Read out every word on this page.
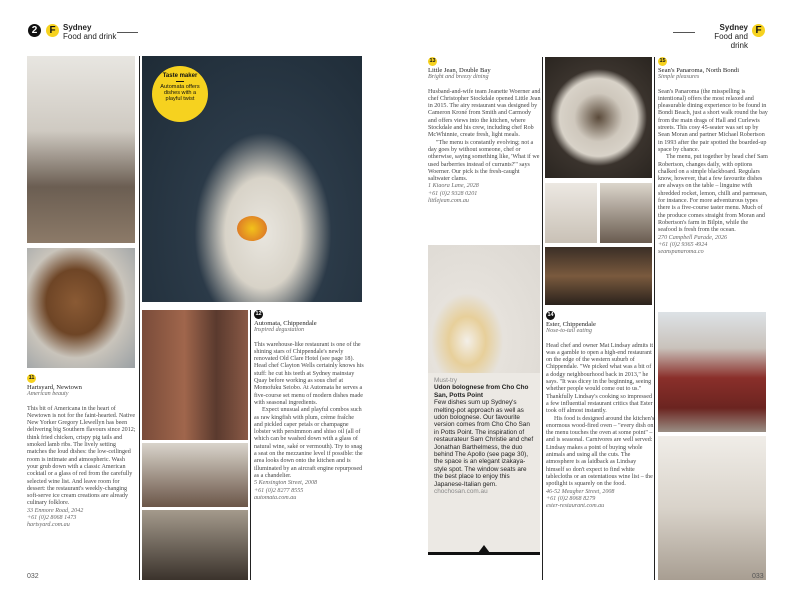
2	F Sydney
Food and drink
Sydney
Food and drink
F
Taste maker
Automata offers dishes with a playful twist
11
Hartsyard, Newtown
American beauty

This bit of Americana in the heart of Newtown is not for the faint-hearted. Native New Yorker Gregory Llewellyn has been delivering big Southern flavours since 2012; think fried chicken, crispy pig tails and smoked lamb ribs. The lively setting matches the loud dishes: the low-ceilinged room is intimate and atmospheric. Wash your grub down with a classic American cocktail or a glass of red from the carefully selected wine list. And leave room for dessert: the restaurant's weekly-changing soft-serve ice cream creations are already culinary folklore.

33 Enmore Road, 2042
+61 (0)2 8068 1473
hartsyard.com.au
12
Automata, Chippendale
Inspired degustation

This warehouse-like restaurant is one of the shining stars of Chippendale's newly renovated Old Clare Hotel (see page 18). Head chef Clayton Wells certainly knows his stuff: he cut his teeth at Sydney mainstay Quay before working as sous chef at Momofuku Seiobo. At Automata he serves a five-course set menu of modern dishes made with seasonal ingredients.

Expect unusual and playful combos such as raw kingfish with plum, crème fraîche and pickled caper petals or champagne lobster with persimmon and shiso oil (all of which can be washed down with a glass of natural wine, saké or vermouth). Try to snag a seat on the mezzanine level if possible: the area looks down onto the kitchen and is illuminated by an aircraft engine repurposed as a chandelier.

5 Kensington Street, 2008
+61 (0)2 8277 8555
automata.com.au
032
13
Little Jean, Double Bay
Bright and breezy dining

Husband-and-wife team Jeanette Woerner and chef Christopher Stockdale opened Little Jean in 2015. The airy restaurant was designed by Cameron Kroné from Smith and Carmody and offers views into the kitchen, where Stockdale and his crew, including chef Rob McWhinnie, create fresh, light meals.

"The menu is constantly evolving; not a day goes by without someone, chef or otherwise, saying something like, 'What if we used barberries instead of currants?'" says Woerner. Our pick is the fresh-caught saltwater clams.

1 Kiaora Lane, 2028
+61 (0)2 9328 0201
littlejean.com.au
Must-try
Udon bolognese from Cho Cho San, Potts Point
Few dishes sum up Sydney's melting-pot approach as well as udon bolognese. Our favourite version comes from Cho Cho San in Potts Point. The inspiration of restaurateur Sam Christie and chef Jonathan Barthelmess, the duo behind The Apollo (see page 30), the space is an elegant izakaya-style spot. The window seats are the best place to enjoy this Japanese-Italian gem.
chochosan.com.au
14
Ester, Chippendale
Nose-to-tail eating

Head chef and owner Mat Lindsay admits it was a gamble to open a high-end restaurant on the edge of the western suburb of Chippendale. "We picked what was a bit of a dodgy neighbourhood back in 2013," he says. "It was dicey in the beginning, seeing whether people would come out to us." Thankfully Lindsay's cooking so impressed a few influential restaurant critics that Ester took off almost instantly.

His food is designed around the kitchen's enormous wood-fired oven – "every dish on the menu touches the oven at some point" – and is seasonal. Carnivores are well served: Lindsay makes a point of buying whole animals and using all the cuts. The atmosphere is as laidback as Lindsay himself so don't expect to find white tablecloths or an ostentatious wine list – the spotlight is squarely on the food.

46-52 Meagher Street, 2008
+61 (0)2 8068 8279
ester-restaurant.com.au
15
Sean's Panaroma, North Bondi
Simple pleasures

Sean's Panaroma (the misspelling is intentional) offers the most relaxed and pleasurable dining experience to be found in Bondi Beach, just a short walk round the bay from the main drags of Hall and Curlewis streets. This cosy 45-seater was set up by Sean Moran and partner Michael Robertson in 1993 after the pair spotted the boarded-up space by chance.

The menu, put together by head chef Sam Robertson, changes daily, with options chalked on a simple blackboard. Regulars know, however, that a few favourite dishes are always on the table – linguine with shredded rocket, lemon, chilli and parmesan, for instance. For more adventurous types there is a five-course taster menu. Much of the produce comes straight from Moran and Robertson's farm in Bilpin, while the seafood is fresh from the ocean.

270 Campbell Parade, 2026
+61 (0)2 9365 4924
seanspanaroma.co
033
